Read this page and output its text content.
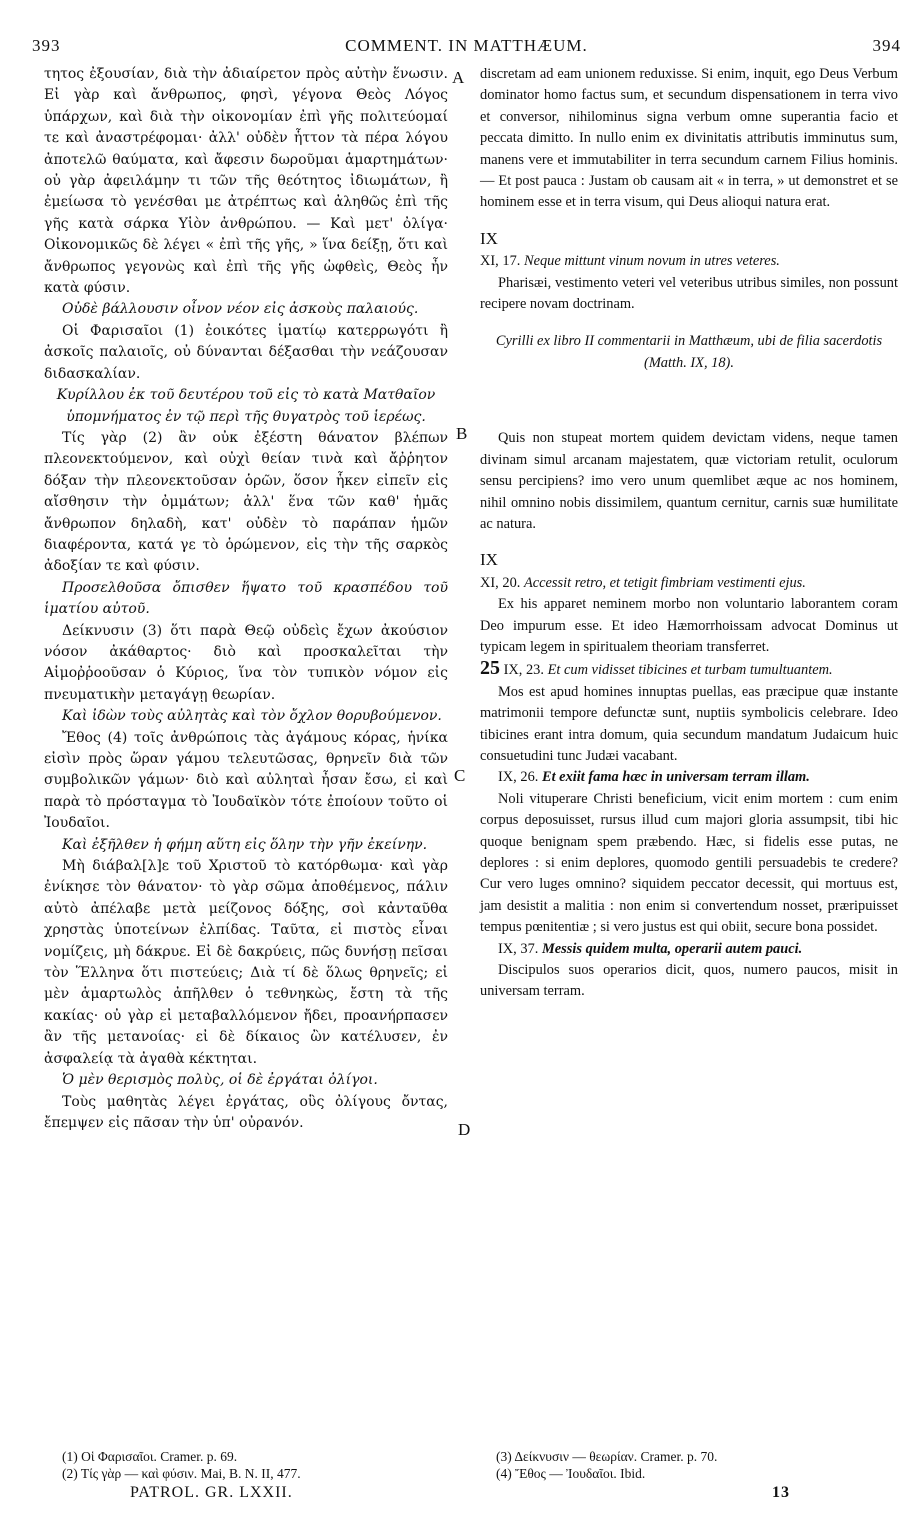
393	COMMENT. IN MATTHÆUM.	394
A
B
C
D

τητος ἐξουσίαν, διὰ τὴν ἀδιαίρετον πρὸς αὐτὴν ἕνωσιν. Εἰ γὰρ καὶ ἄνθρωπος, φησὶ, γέγονα Θεὸς Λόγος ὑπάρχων, καὶ διὰ τὴν οἰκονομίαν ἐπὶ γῆς πολιτεύομαί τε καὶ ἀναστρέφομαι· ἀλλ' οὐδὲν ἧττον τὰ πέρα λόγου ἀποτελῶ θαύματα, καὶ ἄφεσιν δωροῦμαι ἁμαρτημάτων· οὐ γὰρ ἀφειλάμην τι τῶν τῆς θεότητος ἰδιωμάτων, ἢ ἐμείωσα τὸ γενέσθαι με ἀτρέπτως καὶ ἀληθῶς ἐπὶ τῆς γῆς κατὰ σάρκα Υἱὸν ἀνθρώπου. — Καὶ μετ' ὀλίγα· Οἰκονομικῶς δὲ λέγει « ἐπὶ τῆς γῆς, » ἵνα δείξῃ, ὅτι καὶ ἄνθρωπος γεγονὼς καὶ ἐπὶ τῆς γῆς ὠφθεὶς, Θεὸς ἦν κατὰ φύσιν.

Οὐδὲ βάλλουσιν οἶνον νέον εἰς ἀσκοὺς παλαιούς.

Οἱ Φαρισαῖοι (1) ἐοικότες ἱματίῳ κατερρωγότι ἢ ἀσκοῖς παλαιοῖς, οὐ δύνανται δέξασθαι τὴν νεάζουσαν διδασκαλίαν.

Κυρίλλου ἐκ τοῦ δευτέρου τοῦ εἰς τὸ κατὰ Ματθαῖον ὑπομνήματος ἐν τῷ περὶ τῆς θυγατρὸς τοῦ ἱερέως.

Τίς γὰρ (2) ἂν οὐκ ἐξέστη θάνατον βλέπων πλεονεκτούμενον, καὶ οὐχὶ θείαν τινὰ καὶ ἄῤῥητον δόξαν τὴν πλεονεκτοῦσαν ὁρῶν, ὅσον ἧκεν εἰπεῖν εἰς αἴσθησιν τὴν ὀμμάτων; ἀλλ' ἕνα τῶν καθ' ἡμᾶς ἄνθρωπον δηλαδὴ, κατ' οὐδὲν τὸ παράπαν ἡμῶν διαφέροντα, κατά γε τὸ ὁρώμενον, εἰς τὴν τῆς σαρκὸς ἀδοξίαν τε καὶ φύσιν.

Προσελθοῦσα ὄπισθεν ἥψατο τοῦ κρασπέδου τοῦ ἱματίου αὐτοῦ.

Δείκνυσιν (3) ὅτι παρὰ Θεῷ οὐδεὶς ἔχων ἀκούσιον νόσον ἀκάθαρτος· διὸ καὶ προσκαλεῖται τὴν Αἱμοῤῥοοῦσαν ὁ Κύριος, ἵνα τὸν τυπικὸν νόμον εἰς πνευματικὴν μεταγάγῃ θεωρίαν.

Καὶ ἰδὼν τοὺς αὐλητὰς καὶ τὸν ὄχλον θορυβούμενον.

Ἔθος (4) τοῖς ἀνθρώποις τὰς ἀγάμους κόρας, ἡνίκα εἰσὶν πρὸς ὥραν γάμου τελευτῶσας, θρηνεῖν διὰ τῶν συμβολικῶν γάμων· διὸ καὶ αὐληταὶ ἦσαν ἔσω, εἰ καὶ παρὰ τὸ πρόσταγμα τὸ Ἰουδαϊκὸν τότε ἐποίουν τοῦτο οἱ Ἰουδαῖοι.

Καὶ ἐξῆλθεν ἡ φήμη αὕτη εἰς ὅλην τὴν γῆν ἐκείνην.

Μὴ διάβαλ[λ]ε τοῦ Χριστοῦ τὸ κατόρθωμα· καὶ γὰρ ἐνίκησε τὸν θάνατον· τὸ γὰρ σῶμα ἀποθέμενος, πάλιν αὐτὸ ἀπέλαβε μετὰ μείζονος δόξης, σοὶ κἀνταῦθα χρηστὰς ὑποτείνων ἐλπίδας. Ταῦτα, εἰ πιστὸς εἶναι νομίζεις, μὴ δάκρυε. Εἰ δὲ δακρύεις, πῶς δυνήσῃ πεῖσαι τὸν Ἕλληνα ὅτι πιστεύεις; Διὰ τί δὲ ὅλως θρηνεῖς; εἰ μὲν ἁμαρτωλὸς ἀπῆλθεν ὁ τεθνηκὼς, ἔστη τὰ τῆς κακίας· οὐ γὰρ εἰ μεταβαλλόμενον ἤδει, προανήρπασεν ἂν τῆς μετανοίας· εἰ δὲ δίκαιος ὢν κατέλυσεν, ἐν ἀσφαλείᾳ τὰ ἀγαθὰ κέκτηται.

Ὁ μὲν θερισμὸς πολὺς, οἱ δὲ ἐργάται ὀλίγοι.

Τοὺς μαθητὰς λέγει ἐργάτας, οὓς ὀλίγους ὄντας, ἔπεμψεν εἰς πᾶσαν τὴν ὑπ' οὐρανόν.

discretam ad eam unionem reduxisse. Si enim, inquit, ego Deus Verbum dominator homo factus sum, et secundum dispensationem in terra vivo et conversor, nihilominus signa verbum omne superantia facio et peccata dimitto. In nullo enim ex divinitatis attributis imminutus sum, manens vere et immutabiliter in terra secundum carnem Filius hominis. — Et post pauca : Justam ob causam ait « in terra, » ut demonstret et se hominem esse et in terra visum, qui Deus alioqui natura erat.

IX

XI, 17. Neque mittunt vinum novum in utres veteres.

Pharisæi, vestimento veteri vel veteribus utribus similes, non possunt recipere novam doctrinam.

Cyrilli ex libro II commentarii in Matthæum, ubi de filia sacerdotis (Matth. IX, 18).

Quis non stupeat mortem quidem devictam videns, neque tamen divinam simul arcanam majestatem, quæ victoriam retulit, oculorum sensu percipiens? imo vero unum quemlibet æque ac nos hominem, nihil omnino nobis dissimilem, quantum cernitur, carnis suæ humilitate ac natura.

IX

XI, 20. Accessit retro, et tetigit fimbriam vestimenti ejus.

Ex his apparet neminem morbo non voluntario laborantem coram Deo impurum esse. Et ideo Hæmorrhoissam advocat Dominus ut typicam legem in spiritualem theoriam transferret.

25 IX, 23. Et cum vidisset tibicines et turbam tumultuantem.

Mos est apud homines innuptas puellas, eas præcipue quæ instante matrimonii tempore defunctæ sunt, nuptiis symbolicis celebrare. Ideo tibicines erant intra domum, quia secundum mandatum Judaicum huic consuetudini tunc Judæi vacabant.

IX, 26. Et exiit fama hæc in universam terram illam.

Noli vituperare Christi beneficium, vicit enim mortem : cum enim corpus deposuisset, rursus illud cum majori gloria assumpsit, tibi hic quoque benignam spem præbendo. Hæc, si fidelis esse putas, ne deplores : si enim deplores, quomodo gentili persuadebis te credere? Cur vero luges omnino? siquidem peccator decessit, qui mortuus est, jam desistit a malitia : non enim si convertendum nosset, præripuisset tempus pœnitentiæ ; si vero justus est qui obiit, secure bona possidet.

IX, 37. Messis quidem multa, operarii autem pauci.

Discipulos suos operarios dicit, quos, numero paucos, misit in universam terram.

(1) Οἱ Φαρισαῖοι. Cramer. p. 69.
(2) Τίς γὰρ — καὶ φύσιν. Mai, B. N. II, 477.
(3) Δείκνυσιν — θεωρίαν. Cramer. p. 70.
(4) Ἔθος — Ἰουδαῖοι. Ibid.
PATROL. GR. LXXII.	13
